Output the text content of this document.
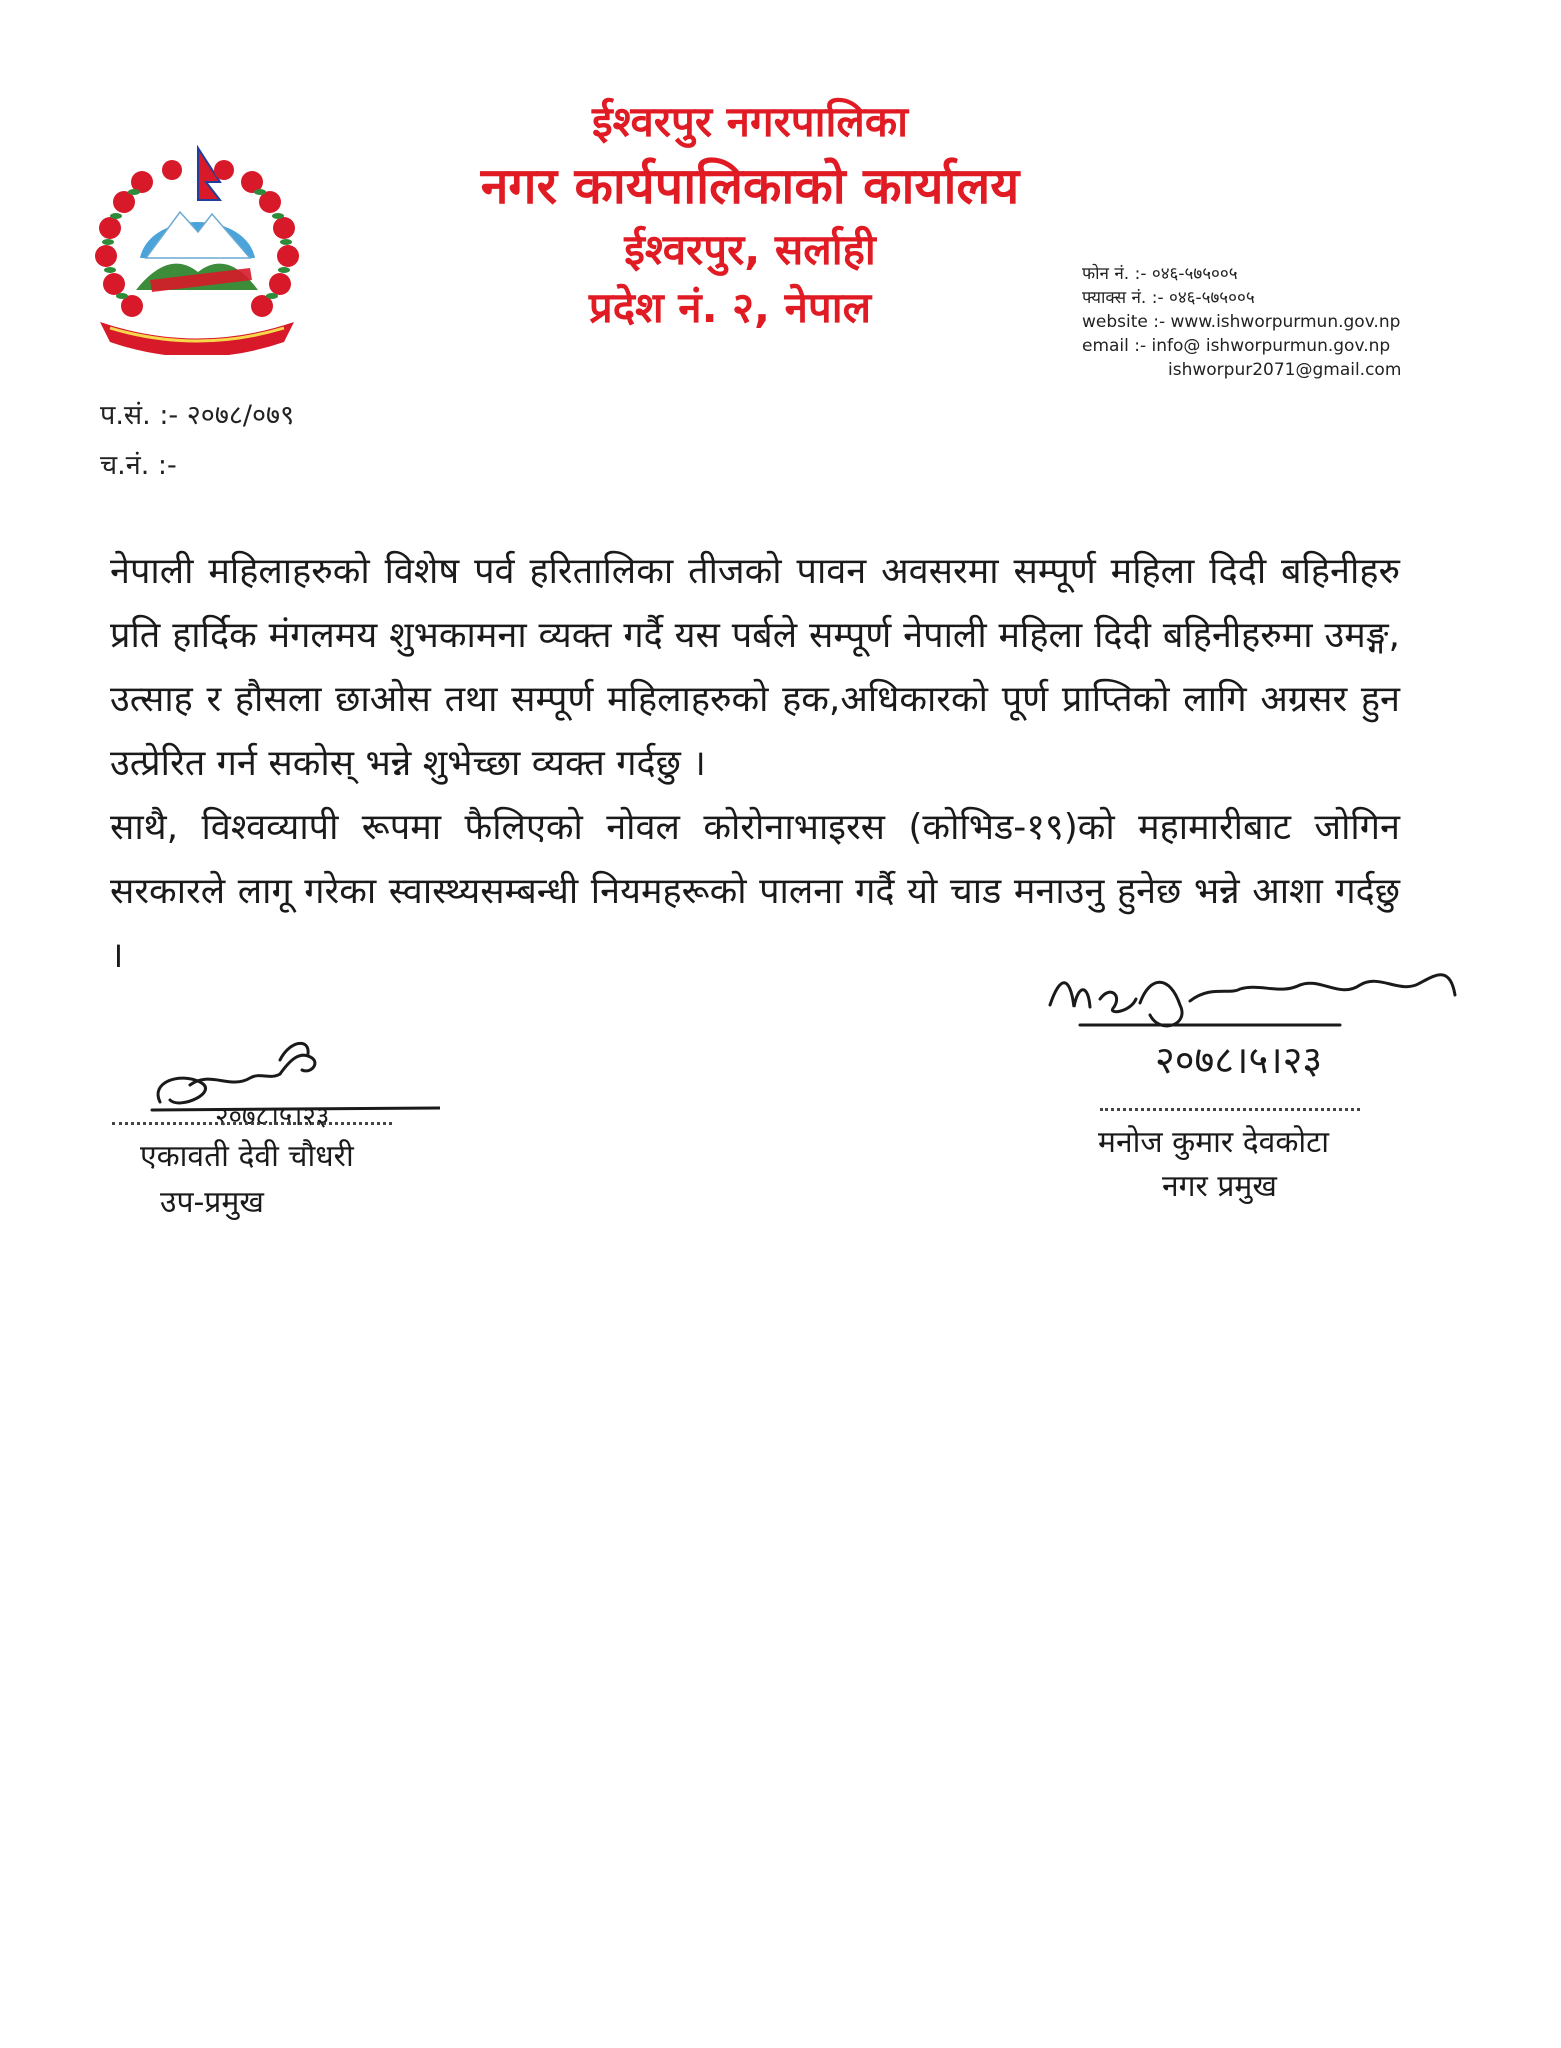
ईश्वरपुर नगरपालिका
नगर कार्यपालिकाको कार्यालय
ईश्वरपुर, सर्लाही
प्रदेश नं. २, नेपाल
फोन नं. :- ०४६-५७५००५
फ्याक्स नं. :- ०४६-५७५००५
website :- www.ishworpurmun.gov.np
email :- info@ ishworpurmun.gov.np
ishworpur2071@gmail.com
प.सं. :- २०७८/०७९
च.नं. :-

नेपाली महिलाहरुको विशेष पर्व हरितालिका तीजको पावन अवसरमा सम्पूर्ण महिला दिदी बहिनीहरु प्रति हार्दिक मंगलमय शुभकामना व्यक्त गर्दै यस पर्बले सम्पूर्ण नेपाली महिला दिदी बहिनीहरुमा उमङ्ग, उत्साह र हौसला छाओस तथा सम्पूर्ण महिलाहरुको हक,अधिकारको पूर्ण प्राप्तिको लागि अग्रसर हुन उत्प्रेरित गर्न सकोस् भन्ने शुभेच्छा व्यक्त गर्दछु ।

साथै, विश्वव्यापी रूपमा फैलिएको नोवल कोरोनाभाइरस (कोभिड-१९)को महामारीबाट जोगिन सरकारले लागू गरेका स्वास्थ्यसम्बन्धी नियमहरूको पालना गर्दै यो चाड मनाउनु हुनेछ भन्ने आशा गर्दछु ।

२०७८।५।२३
एकावती देवी चौधरी
उप-प्रमुख
२०७८।५।२३
मनोज कुमार देवकोटा
नगर प्रमुख
